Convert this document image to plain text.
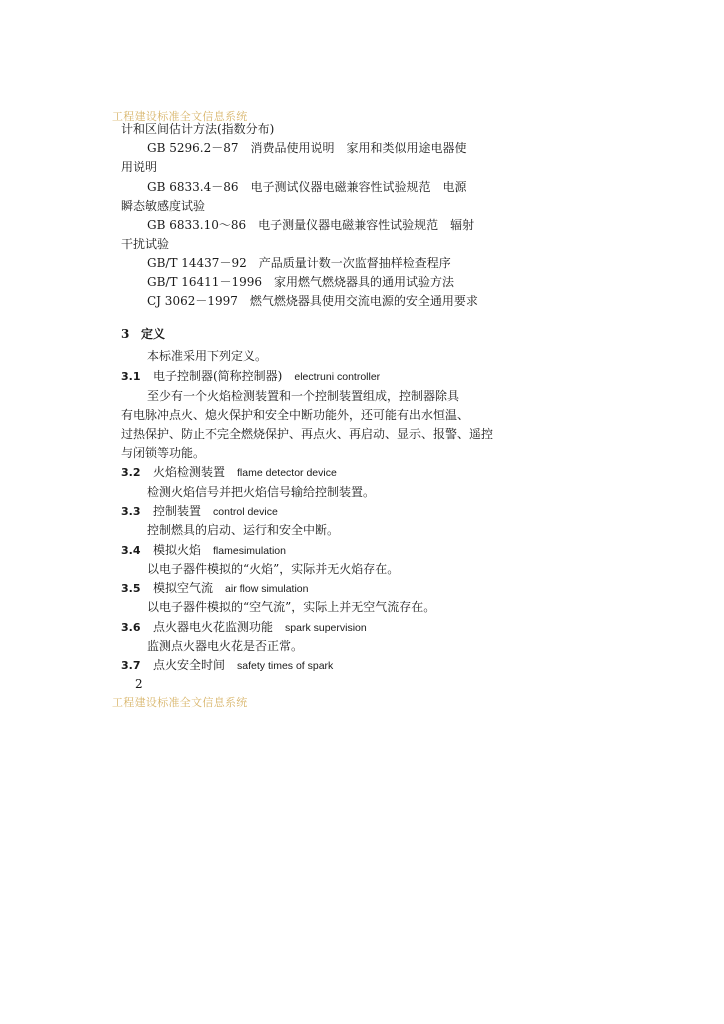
工程建设标准全文信息系统
计和区间估计方法(指数分布)
GB 5296.2－87　消费品使用说明　家用和类似用途电器使
用说明
GB 6833.4－86　电子测试仪器电磁兼容性试验规范　电源
瞬态敏感度试验
GB 6833.10～86　电子测量仪器电磁兼容性试验规范　辐射
干扰试验
GB/T 14437－92　产品质量计数一次监督抽样检查程序
GB/T 16411－1996　家用燃气燃烧器具的通用试验方法
CJ 3062－1997　燃气燃烧器具使用交流电源的安全通用要求
3 定义
本标准采用下列定义。
3.1 电子控制器(简称控制器) electruni controller
至少有一个火焰检测装置和一个控制装置组成，控制器除具
有电脉冲点火、熄火保护和安全中断功能外，还可能有出水恒温、
过热保护、防止不完全燃烧保护、再点火、再启动、显示、报警、遥控
与闭锁等功能。
3.2 火焰检测装置 flame detector device
检测火焰信号并把火焰信号输给控制装置。
3.3 控制装置 control device
控制燃具的启动、运行和安全中断。
3.4 模拟火焰 flamesimulation
以电子器件模拟的“火焰”，实际并无火焰存在。
3.5 模拟空气流 air flow simulation
以电子器件模拟的“空气流”，实际上并无空气流存在。
3.6 点火器电火花监测功能 spark supervision
监测点火器电火花是否正常。
3.7 点火安全时间 safety times of spark
2
工程建设标准全文信息系统
